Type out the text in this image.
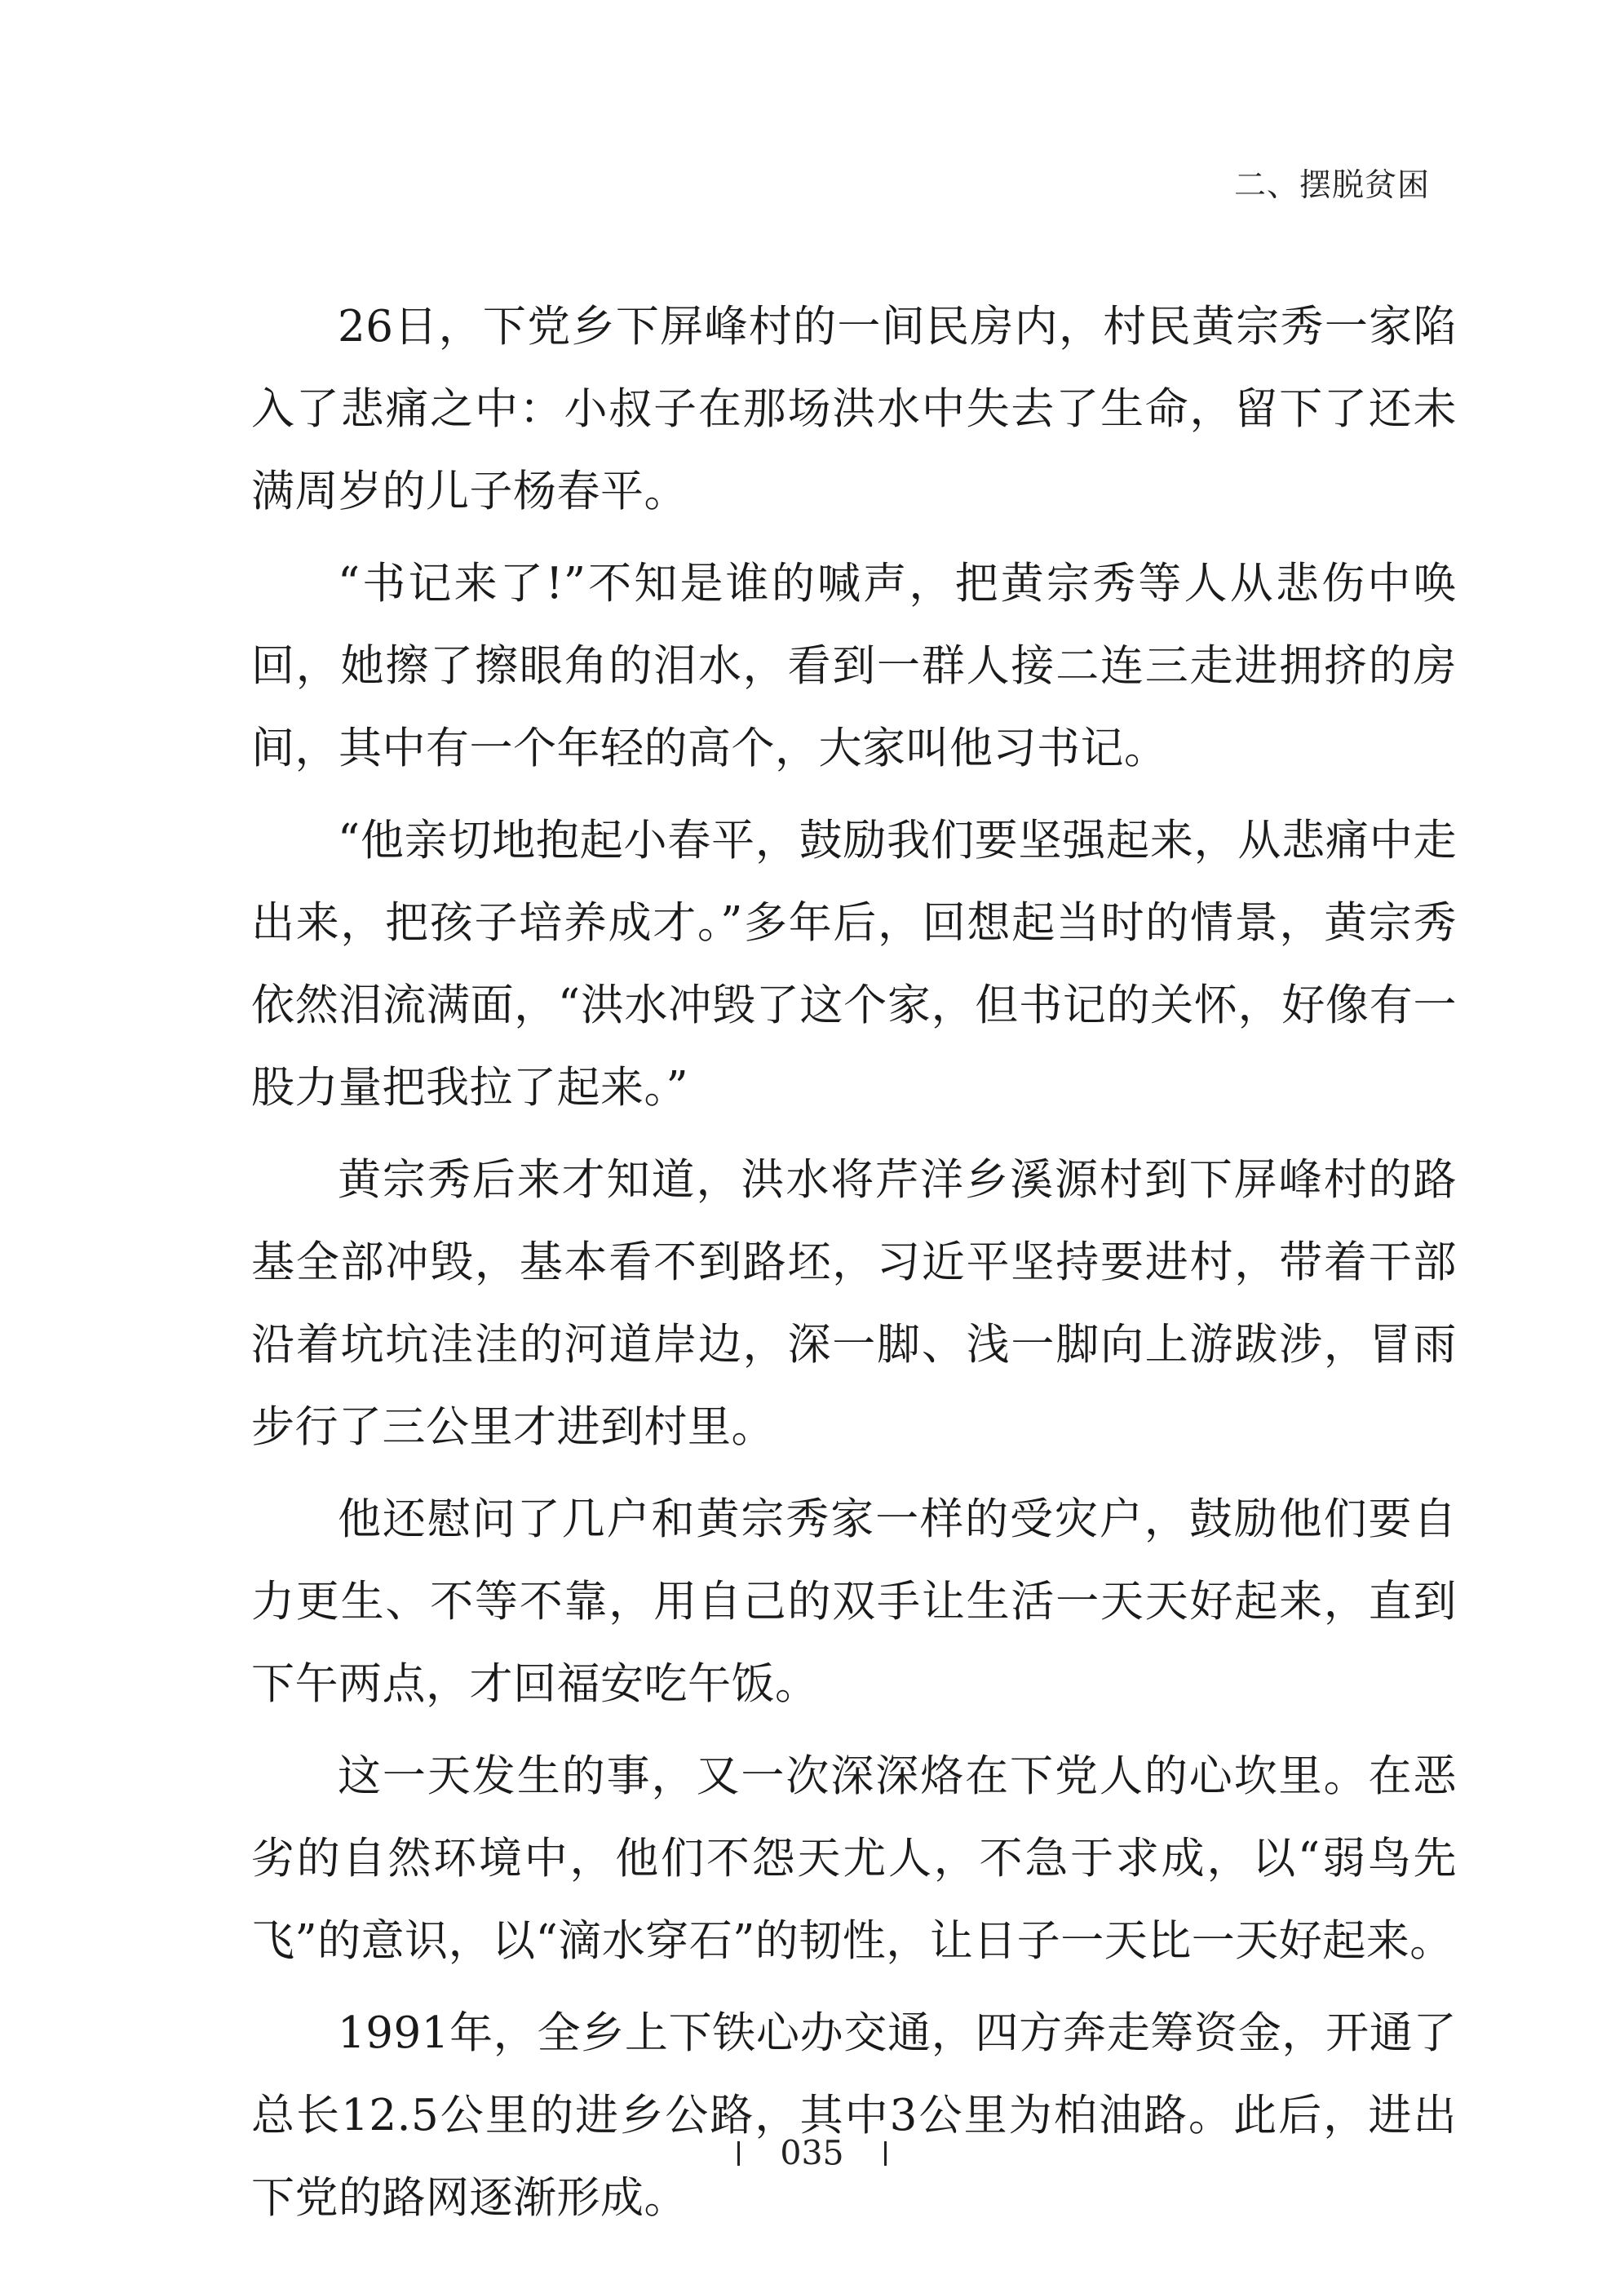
二、摆脱贫困

26日，下党乡下屏峰村的一间民房内，村民黄宗秀一家陷入了悲痛之中：小叔子在那场洪水中失去了生命，留下了还未满周岁的儿子杨春平。

“书记来了!”不知是谁的喊声，把黄宗秀等人从悲伤中唤回，她擦了擦眼角的泪水，看到一群人接二连三走进拥挤的房间，其中有一个年轻的高个，大家叫他习书记。

“他亲切地抱起小春平，鼓励我们要坚强起来，从悲痛中走出来，把孩子培养成才。”多年后，回想起当时的情景，黄宗秀依然泪流满面，“洪水冲毁了这个家，但书记的关怀，好像有一股力量把我拉了起来。”

黄宗秀后来才知道，洪水将芹洋乡溪源村到下屏峰村的路基全部冲毁，基本看不到路坯，习近平坚持要进村，带着干部沿着坑坑洼洼的河道岸边，深一脚、浅一脚向上游跋涉，冒雨步行了三公里才进到村里。

他还慰问了几户和黄宗秀家一样的受灾户，鼓励他们要自力更生、不等不靠，用自己的双手让生活一天天好起来，直到下午两点，才回福安吃午饭。

这一天发生的事，又一次深深烙在下党人的心坎里。在恶劣的自然环境中，他们不怨天尤人，不急于求成，以“弱鸟先飞”的意识，以“滴水穿石”的韧性，让日子一天比一天好起来。

1991年，全乡上下铁心办交通，四方奔走筹资金，开通了总长12.5公里的进乡公路，其中3公里为柏油路。此后，进出下党的路网逐渐形成。

035
